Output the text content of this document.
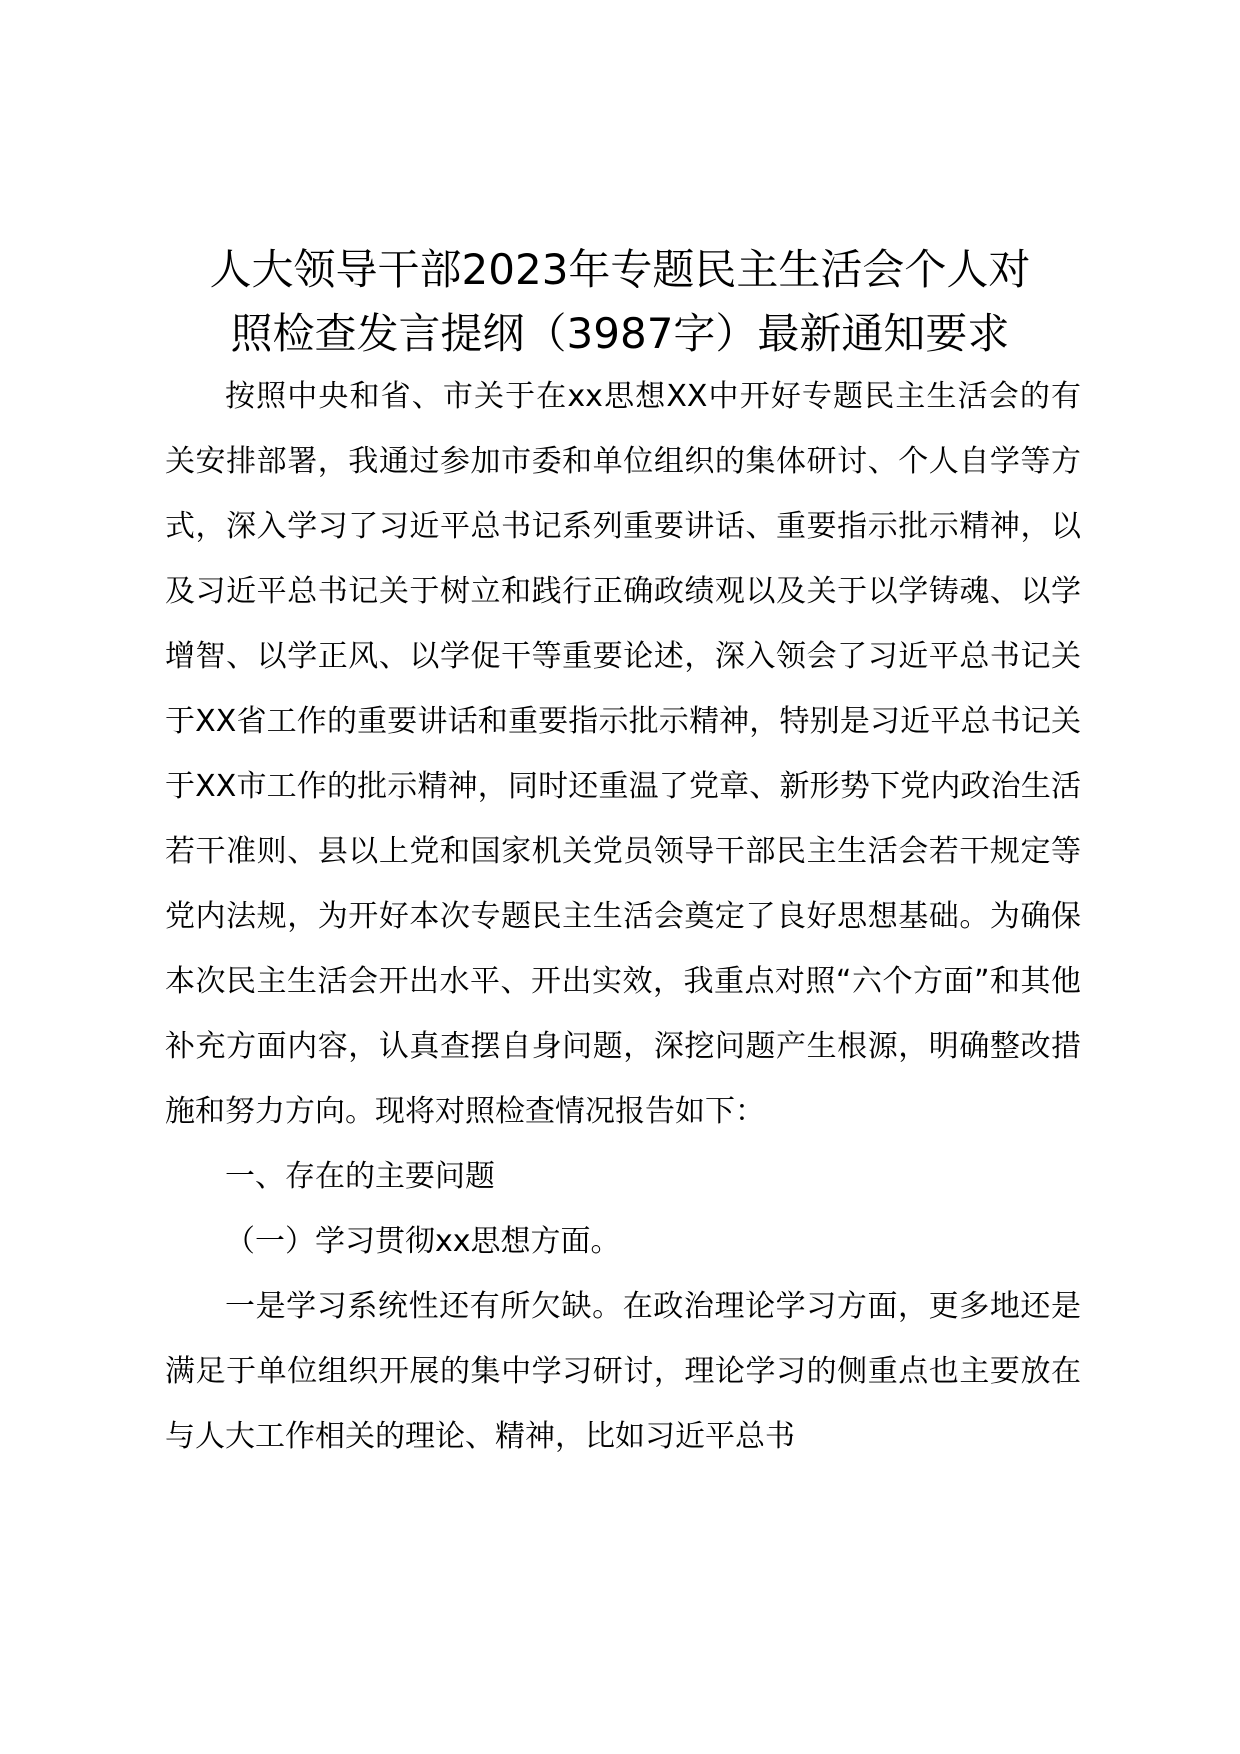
人大领导干部2023年专题民主生活会个人对
照检查发言提纲（3987字）最新通知要求

按照中央和省、市关于在xx思想XX中开好专题民主生活会的有关安排部署，我通过参加市委和单位组织的集体研讨、个人自学等方式，深入学习了习近平总书记系列重要讲话、重要指示批示精神，以及习近平总书记关于树立和践行正确政绩观以及关于以学铸魂、以学增智、以学正风、以学促干等重要论述，深入领会了习近平总书记关于XX省工作的重要讲话和重要指示批示精神，特别是习近平总书记关于XX市工作的批示精神，同时还重温了党章、新形势下党内政治生活若干准则、县以上党和国家机关党员领导干部民主生活会若干规定等党内法规，为开好本次专题民主生活会奠定了良好思想基础。为确保本次民主生活会开出水平、开出实效，我重点对照“六个方面”和其他补充方面内容，认真查摆自身问题，深挖问题产生根源，明确整改措施和努力方向。现将对照检查情况报告如下：

一、存在的主要问题

（一）学习贯彻xx思想方面。

一是学习系统性还有所欠缺。在政治理论学习方面，更多地还是满足于单位组织开展的集中学习研讨，理论学习的侧重点也主要放在与人大工作相关的理论、精神，比如习近平总书
